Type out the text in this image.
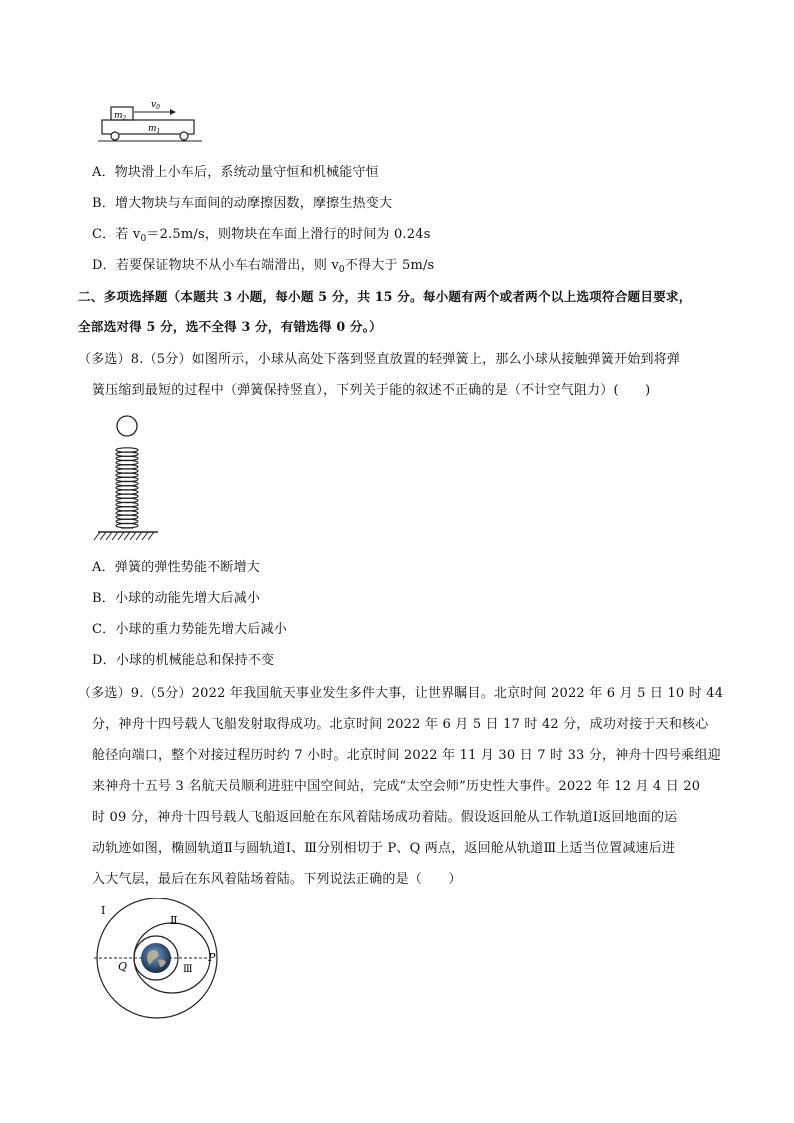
$m_2$
$v_0$
$m_1$
A．物块滑上小车后，系统动量守恒和机械能守恒
B．增大物块与车面间的动摩擦因数，摩擦生热变大
C．若 $v_0=2.5m/s$，则物块在车面上滑行的时间为 0.24s
D．若要保证物块不从小车右端滑出，则 $v_0$不得大于 5m/s
二、多项选择题（本题共 3 小题，每小题 5 分，共 15 分。每小题有两个或者两个以上选项符合题目要求，
全部选对得 5 分，选不全得 3 分，有错选得 0 分。）
（多选）8.（5分）如图所示，小球从高处下落到竖直放置的轻弹簧上，那么小球从接触弹簧开始到将弹
簧压缩到最短的过程中（弹簧保持竖直），下列关于能的叙述不正确的是（不计空气阻力）(　　)
A．弹簧的弹性势能不断增大
B．小球的动能先增大后减小
C．小球的重力势能先增大后减小
D．小球的机械能总和保持不变
（多选）9.（5分）2022 年我国航天事业发生多件大事，让世界瞩目。北京时间 2022 年 6 月 5 日 10 时 44
分，神舟十四号载人飞船发射取得成功。北京时间 2022 年 6 月 5 日 17 时 42 分，成功对接于天和核心
舱径向端口，整个对接过程历时约 7 小时。北京时间 2022 年 11 月 30 日 7 时 33 分，神舟十四号乘组迎
来神舟十五号 3 名航天员顺利进驻中国空间站，完成“太空会师”历史性大事件。2022 年 12 月 4 日 20
时 09 分，神舟十四号载人飞船返回舱在东风着陆场成功着陆。假设返回舱从工作轨道Ⅰ返回地面的运
动轨迹如图，椭圆轨道Ⅱ与圆轨道Ⅰ、Ⅲ分别相切于 P、Q 两点，返回舱从轨道Ⅲ上适当位置减速后进
入大气层，最后在东风着陆场着陆。下列说法正确的是（　　）
Ⅰ
Ⅱ
Ⅲ
P
Q
